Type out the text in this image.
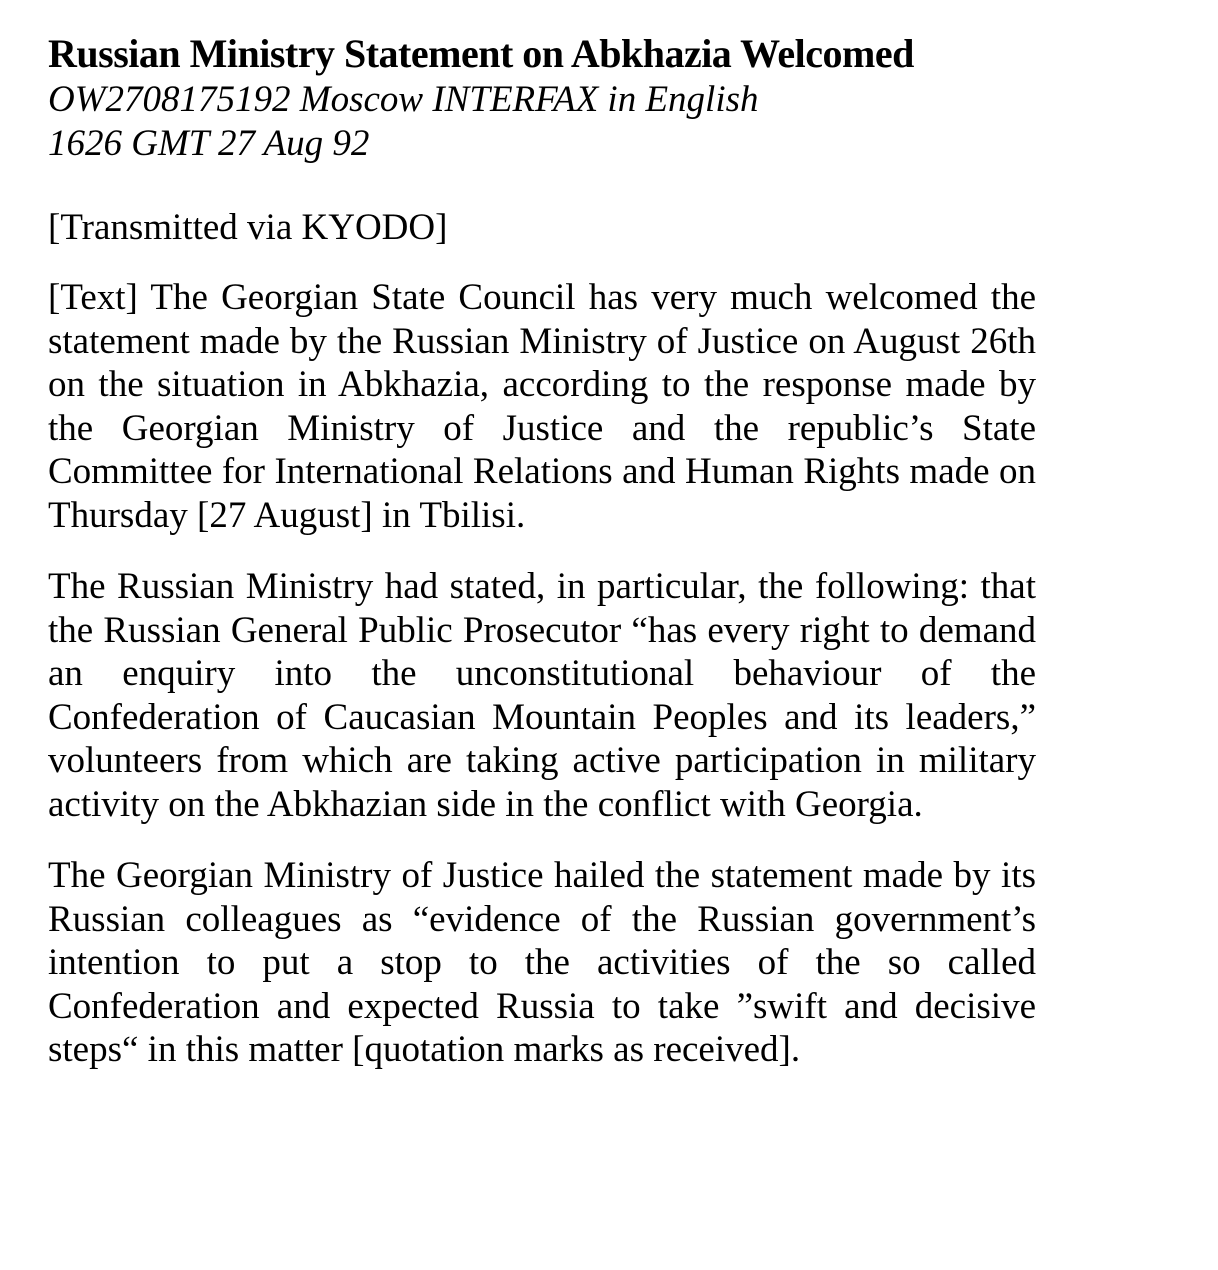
Russian Ministry Statement on Abkhazia Welcomed
OW2708175192 Moscow INTERFAX in English
1626 GMT 27 Aug 92

[Transmitted via KYODO]

[Text] The Georgian State Council has very much welcomed the statement made by the Russian Ministry of Justice on August 26th on the situation in Abkhazia, according to the response made by the Georgian Ministry of Justice and the republic’s State Committee for International Relations and Human Rights made on Thursday [27 August] in Tbilisi.

The Russian Ministry had stated, in particular, the following: that the Russian General Public Prosecutor “has every right to demand an enquiry into the unconstitutional behaviour of the Confederation of Caucasian Mountain Peoples and its leaders,” volunteers from which are taking active participation in military activity on the Abkhazian side in the conflict with Georgia.

The Georgian Ministry of Justice hailed the statement made by its Russian colleagues as “evidence of the Russian government’s intention to put a stop to the activities of the so called Confederation and expected Russia to take ”swift and decisive steps“ in this matter [quotation marks as received].
